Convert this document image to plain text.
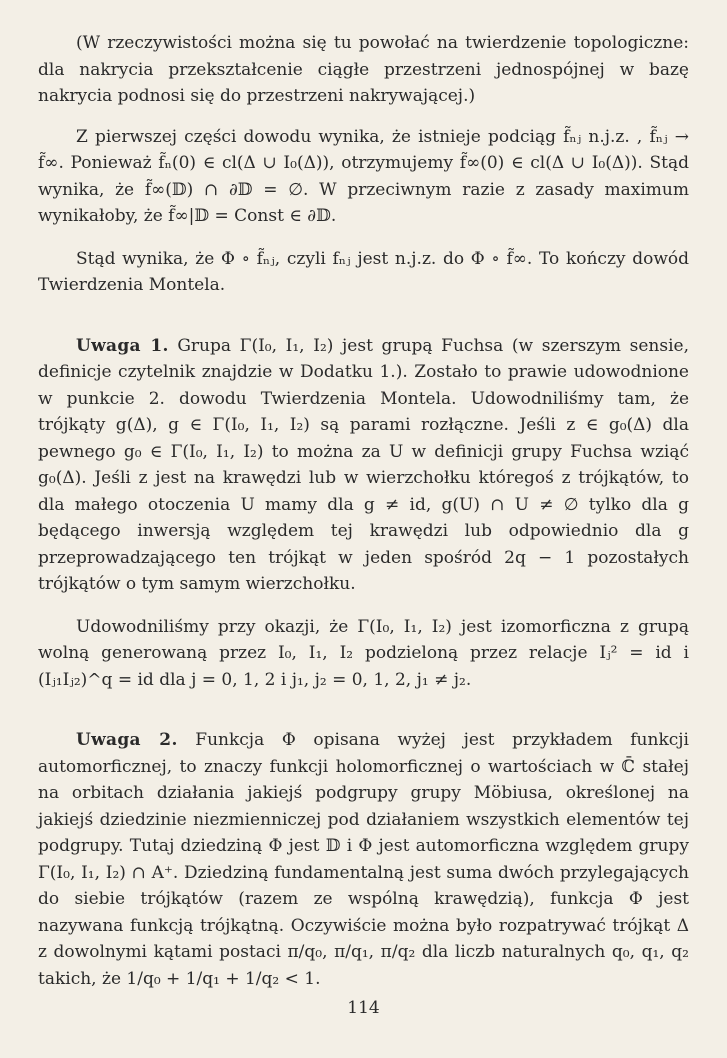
(W rzeczywistości można się tu powołać na twierdzenie topologiczne: dla nakrycia przekształcenie ciągłe przestrzeni jednospójnej w bazę nakrycia podnosi się do przestrzeni nakrywającej.)

Z pierwszej części dowodu wynika, że istnieje podciąg f̃ₙⱼ n.j.z. , f̃ₙⱼ → f̃∞. Ponieważ f̃ₙ(0) ∈ cl(Δ ∪ I₀(Δ)), otrzymujemy f̃∞(0) ∈ cl(Δ ∪ I₀(Δ)). Stąd wynika, że f̃∞(𝔻) ∩ ∂𝔻 = ∅. W przeciwnym razie z zasady maximum wynikałoby, że f̃∞|𝔻 = Const ∈ ∂𝔻.

Stąd wynika, że Φ ∘ f̃ₙⱼ, czyli fₙⱼ jest n.j.z. do Φ ∘ f̃∞. To kończy dowód Twierdzenia Montela.

Uwaga 1. Grupa Γ(I₀, I₁, I₂) jest grupą Fuchsa (w szerszym sensie, definicje czytelnik znajdzie w Dodatku 1.). Zostało to prawie udowodnione w punkcie 2. dowodu Twierdzenia Montela. Udowodniliśmy tam, że trójkąty g(Δ), g ∈ Γ(I₀, I₁, I₂) są parami rozłączne. Jeśli z ∈ g₀(Δ) dla pewnego g₀ ∈ Γ(I₀, I₁, I₂) to można za U w definicji grupy Fuchsa wziąć g₀(Δ). Jeśli z jest na krawędzi lub w wierzchołku któregoś z trójkątów, to dla małego otoczenia U mamy dla g ≠ id, g(U) ∩ U ≠ ∅ tylko dla g będącego inwersją względem tej krawędzi lub odpowiednio dla g przeprowadzającego ten trójkąt w jeden spośród 2q − 1 pozostałych trójkątów o tym samym wierzchołku.

Udowodniliśmy przy okazji, że Γ(I₀, I₁, I₂) jest izomorficzna z grupą wolną generowaną przez I₀, I₁, I₂ podzieloną przez relacje Iⱼ² = id i (Iⱼ₁Iⱼ₂)^q = id dla j = 0, 1, 2 i j₁, j₂ = 0, 1, 2, j₁ ≠ j₂.

Uwaga 2. Funkcja Φ opisana wyżej jest przykładem funkcji automorficznej, to znaczy funkcji holomorficznej o wartościach w ℂ̄ stałej na orbitach działania jakiejś podgrupy grupy Möbiusa, określonej na jakiejś dziedzinie niezmienniczej pod działaniem wszystkich elementów tej podgrupy. Tutaj dziedziną Φ jest 𝔻 i Φ jest automorficzna względem grupy Γ(I₀, I₁, I₂) ∩ A⁺. Dziedziną fundamentalną jest suma dwóch przylegających do siebie trójkątów (razem ze wspólną krawędzią), funkcja Φ jest nazywana funkcją trójkątną. Oczywiście można było rozpatrywać trójkąt Δ z dowolnymi kątami postaci π/q₀, π/q₁, π/q₂ dla liczb naturalnych q₀, q₁, q₂ takich, że 1/q₀ + 1/q₁ + 1/q₂ < 1.

114
